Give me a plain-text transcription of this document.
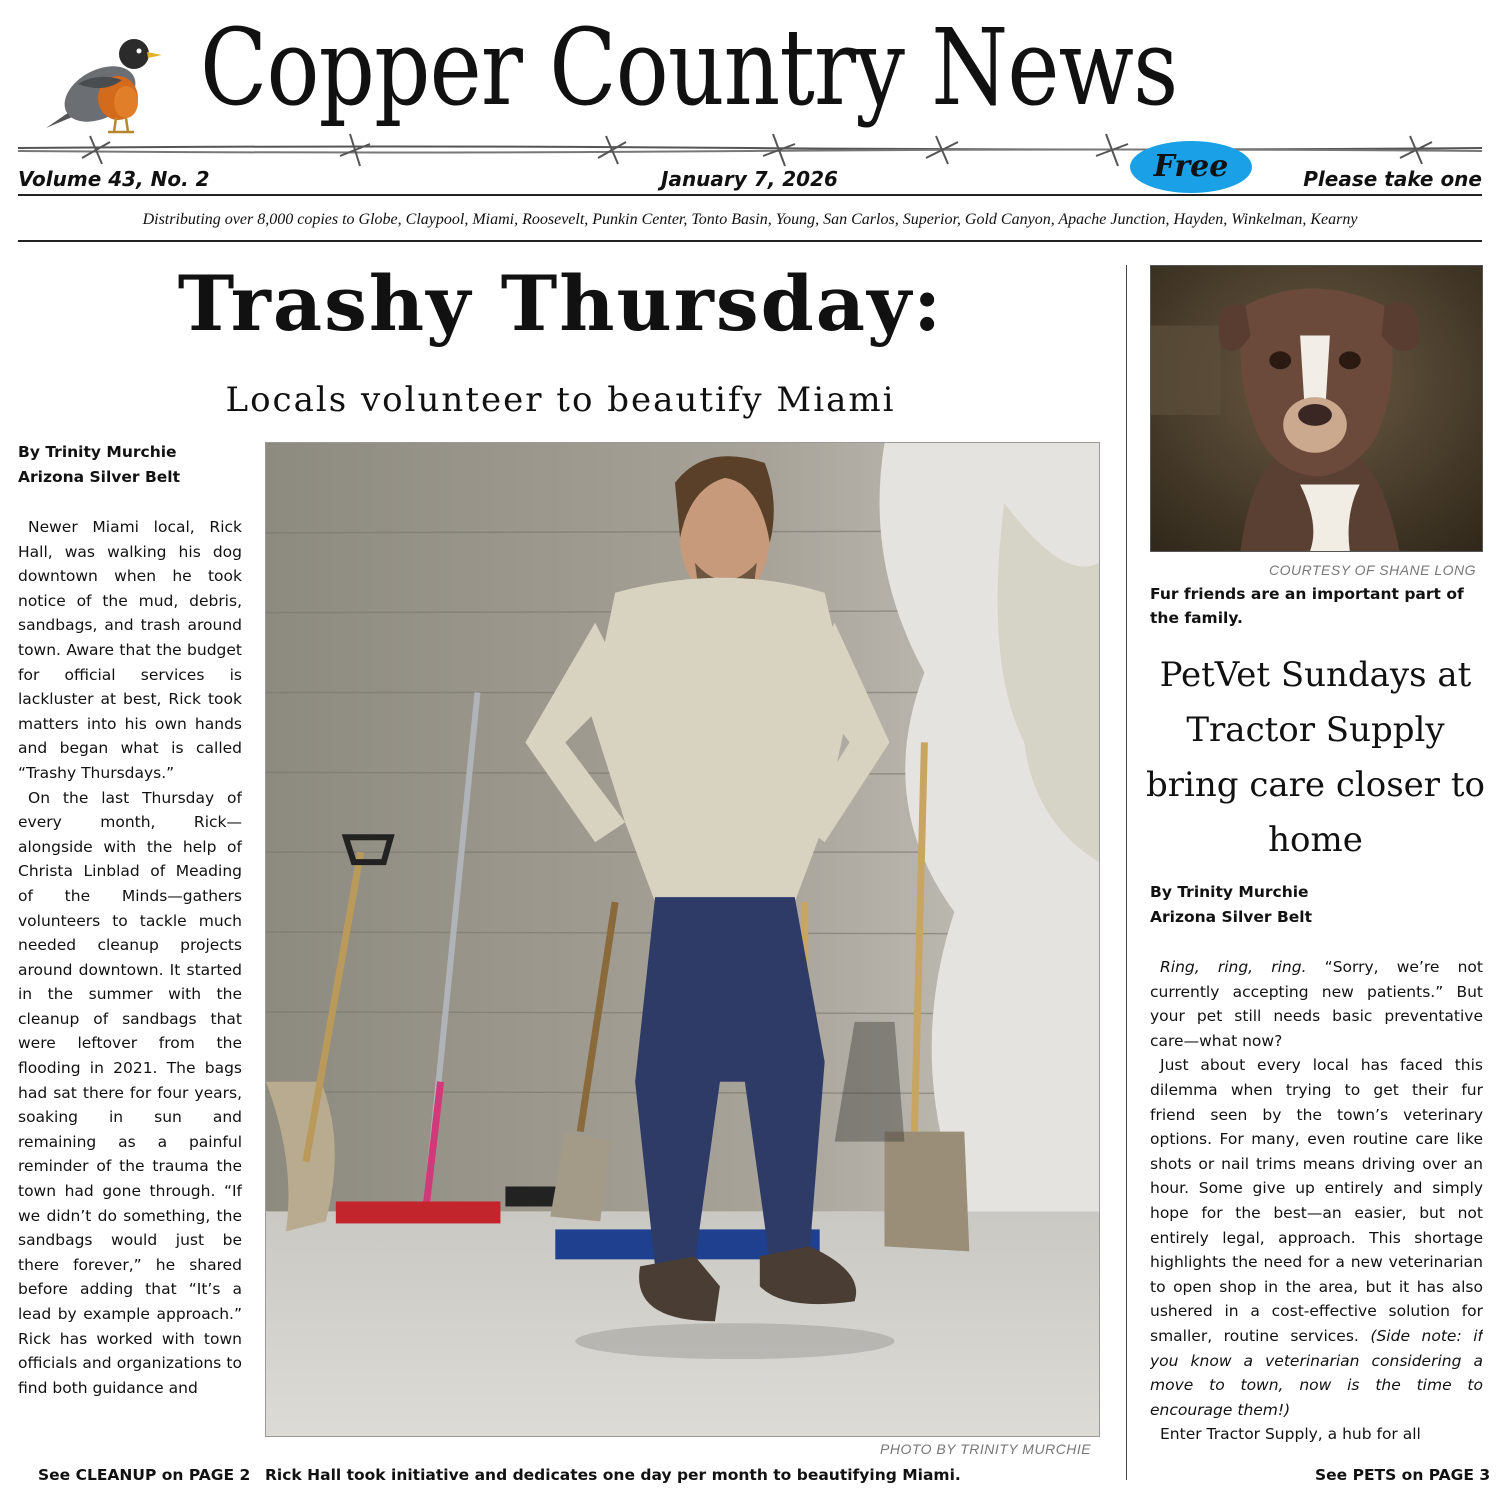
Copper Country News
Free
Volume 43, No. 2	January 7, 2026	Please take one
Distributing over 8,000 copies to Globe, Claypool, Miami, Roosevelt, Punkin Center, Tonto Basin, Young, San Carlos, Superior, Gold Canyon, Apache Junction, Hayden, Winkelman, Kearny
Trashy Thursday:
Locals volunteer to beautify Miami
By Trinity Murchie
Arizona Silver Belt

Newer Miami local, Rick Hall, was walking his dog downtown when he took notice of the mud, debris, sandbags, and trash around town. Aware that the budget for official services is lackluster at best, Rick took matters into his own hands and began what is called “Trashy Thursdays.”

On the last Thursday of every month, Rick—alongside with the help of Christa Linblad of Meading of the Minds—gathers volunteers to tackle much needed cleanup projects around downtown. It started in the summer with the cleanup of sandbags that were leftover from the flooding in 2021. The bags had sat there for four years, soaking in sun and remaining as a painful reminder of the trauma the town had gone through. “If we didn’t do something, the sandbags would just be there forever,” he shared before adding that “It’s a lead by example approach.” Rick has worked with town officials and organizations to find both guidance and

See CLEANUP on PAGE 2
PHOTO BY TRINITY MURCHIE
Rick Hall took initiative and dedicates one day per month to beautifying Miami.
COURTESY OF SHANE LONG
Fur friends are an important part of the family.
PetVet Sundays at Tractor Supply bring care closer to home
By Trinity Murchie
Arizona Silver Belt

Ring, ring, ring. “Sorry, we’re not currently accepting new patients.” But your pet still needs basic preventative care—what now?

Just about every local has faced this dilemma when trying to get their fur friend seen by the town’s veterinary options. For many, even routine care like shots or nail trims means driving over an hour. Some give up entirely and simply hope for the best—an easier, but not entirely legal, approach. This shortage highlights the need for a new veterinarian to open shop in the area, but it has also ushered in a cost-effective solution for smaller, routine services. (Side note: if you know a veterinarian considering a move to town, now is the time to encourage them!)

Enter Tractor Supply, a hub for all

See PETS on PAGE 3
